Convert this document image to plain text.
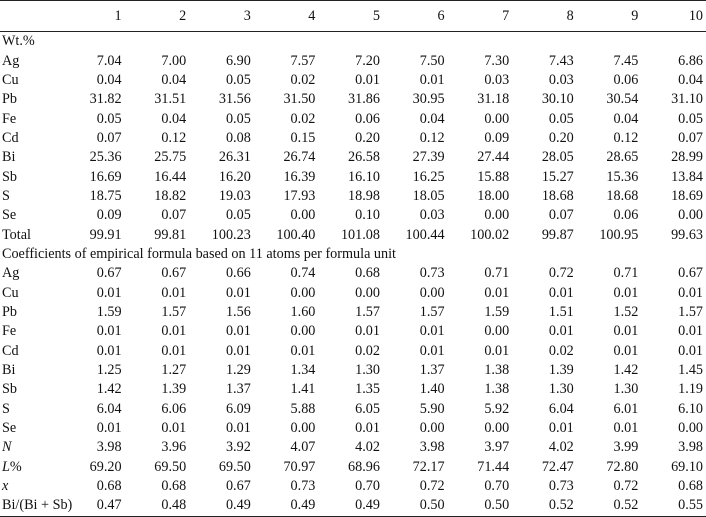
	1	2	3	4	5	6	7	8	9	10
Wt.%										
Ag	7.04	7.00	6.90	7.57	7.20	7.50	7.30	7.43	7.45	6.86
Cu	0.04	0.04	0.05	0.02	0.01	0.01	0.03	0.03	0.06	0.04
Pb	31.82	31.51	31.56	31.50	31.86	30.95	31.18	30.10	30.54	31.10
Fe	0.05	0.04	0.05	0.02	0.06	0.04	0.00	0.05	0.04	0.05
Cd	0.07	0.12	0.08	0.15	0.20	0.12	0.09	0.20	0.12	0.07
Bi	25.36	25.75	26.31	26.74	26.58	27.39	27.44	28.05	28.65	28.99
Sb	16.69	16.44	16.20	16.39	16.10	16.25	15.88	15.27	15.36	13.84
S	18.75	18.82	19.03	17.93	18.98	18.05	18.00	18.68	18.68	18.69
Se	0.09	0.07	0.05	0.00	0.10	0.03	0.00	0.07	0.06	0.00
Total	99.91	99.81	100.23	100.40	101.08	100.44	100.02	99.87	100.95	99.63
Coefficients of empirical formula based on 11 atoms per formula unit										
Ag	0.67	0.67	0.66	0.74	0.68	0.73	0.71	0.72	0.71	0.67
Cu	0.01	0.01	0.01	0.00	0.00	0.00	0.01	0.01	0.01	0.01
Pb	1.59	1.57	1.56	1.60	1.57	1.57	1.59	1.51	1.52	1.57
Fe	0.01	0.01	0.01	0.00	0.01	0.01	0.00	0.01	0.01	0.01
Cd	0.01	0.01	0.01	0.01	0.02	0.01	0.01	0.02	0.01	0.01
Bi	1.25	1.27	1.29	1.34	1.30	1.37	1.38	1.39	1.42	1.45
Sb	1.42	1.39	1.37	1.41	1.35	1.40	1.38	1.30	1.30	1.19
S	6.04	6.06	6.09	5.88	6.05	5.90	5.92	6.04	6.01	6.10
Se	0.01	0.01	0.01	0.00	0.01	0.00	0.00	0.01	0.01	0.00
N	3.98	3.96	3.92	4.07	4.02	3.98	3.97	4.02	3.99	3.98
L%	69.20	69.50	69.50	70.97	68.96	72.17	71.44	72.47	72.80	69.10
x	0.68	0.68	0.67	0.73	0.70	0.72	0.70	0.73	0.72	0.68
Bi/(Bi + Sb)	0.47	0.48	0.49	0.49	0.49	0.50	0.50	0.52	0.52	0.55
